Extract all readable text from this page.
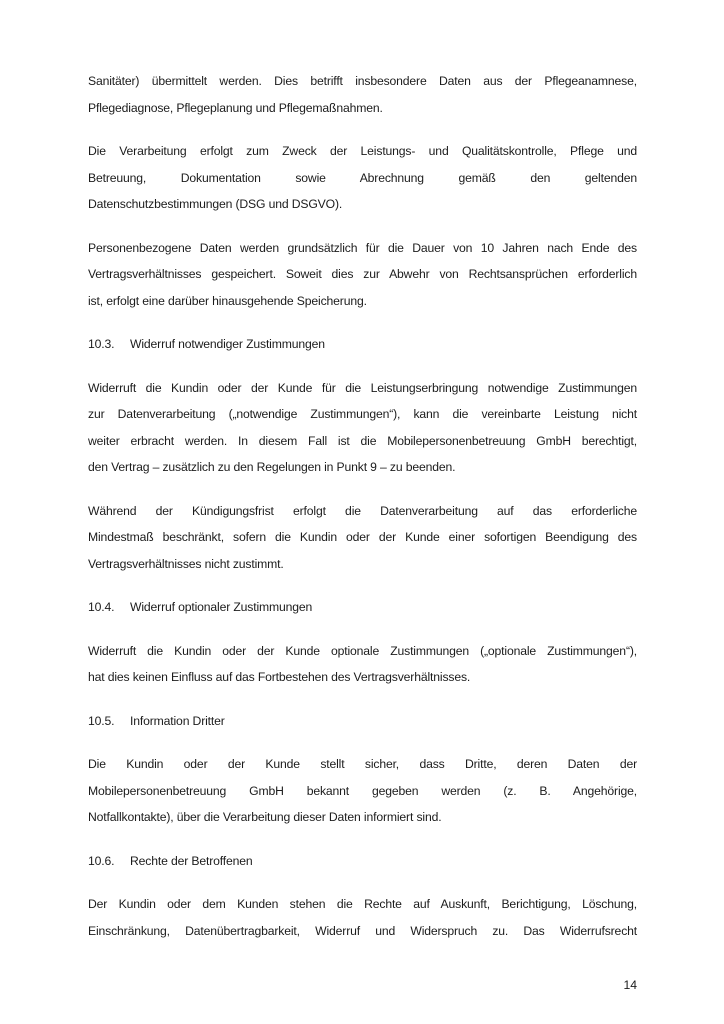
Sanitäter) übermittelt werden. Dies betrifft insbesondere Daten aus der Pflegeanamnese,
Pflegediagnose, Pflegeplanung und Pflegemaßnahmen.
Die Verarbeitung erfolgt zum Zweck der Leistungs- und Qualitätskontrolle, Pflege und
Betreuung, Dokumentation sowie Abrechnung gemäß den geltenden
Datenschutzbestimmungen (DSG und DSGVO).
Personenbezogene Daten werden grundsätzlich für die Dauer von 10 Jahren nach Ende des
Vertragsverhältnisses gespeichert. Soweit dies zur Abwehr von Rechtsansprüchen erforderlich
ist, erfolgt eine darüber hinausgehende Speicherung.
10.3. Widerruf notwendiger Zustimmungen
Widerruft die Kundin oder der Kunde für die Leistungserbringung notwendige Zustimmungen
zur Datenverarbeitung („notwendige Zustimmungen“), kann die vereinbarte Leistung nicht
weiter erbracht werden. In diesem Fall ist die Mobilepersonenbetreuung GmbH berechtigt,
den Vertrag – zusätzlich zu den Regelungen in Punkt 9 – zu beenden.
Während der Kündigungsfrist erfolgt die Datenverarbeitung auf das erforderliche
Mindestmaß beschränkt, sofern die Kundin oder der Kunde einer sofortigen Beendigung des
Vertragsverhältnisses nicht zustimmt.
10.4. Widerruf optionaler Zustimmungen
Widerruft die Kundin oder der Kunde optionale Zustimmungen („optionale Zustimmungen“),
hat dies keinen Einfluss auf das Fortbestehen des Vertragsverhältnisses.
10.5. Information Dritter
Die Kundin oder der Kunde stellt sicher, dass Dritte, deren Daten der
Mobilepersonenbetreuung GmbH bekannt gegeben werden (z. B. Angehörige,
Notfallkontakte), über die Verarbeitung dieser Daten informiert sind.
10.6. Rechte der Betroffenen
Der Kundin oder dem Kunden stehen die Rechte auf Auskunft, Berichtigung, Löschung,
Einschränkung, Datenübertragbarkeit, Widerruf und Widerspruch zu. Das Widerrufsrecht
14
